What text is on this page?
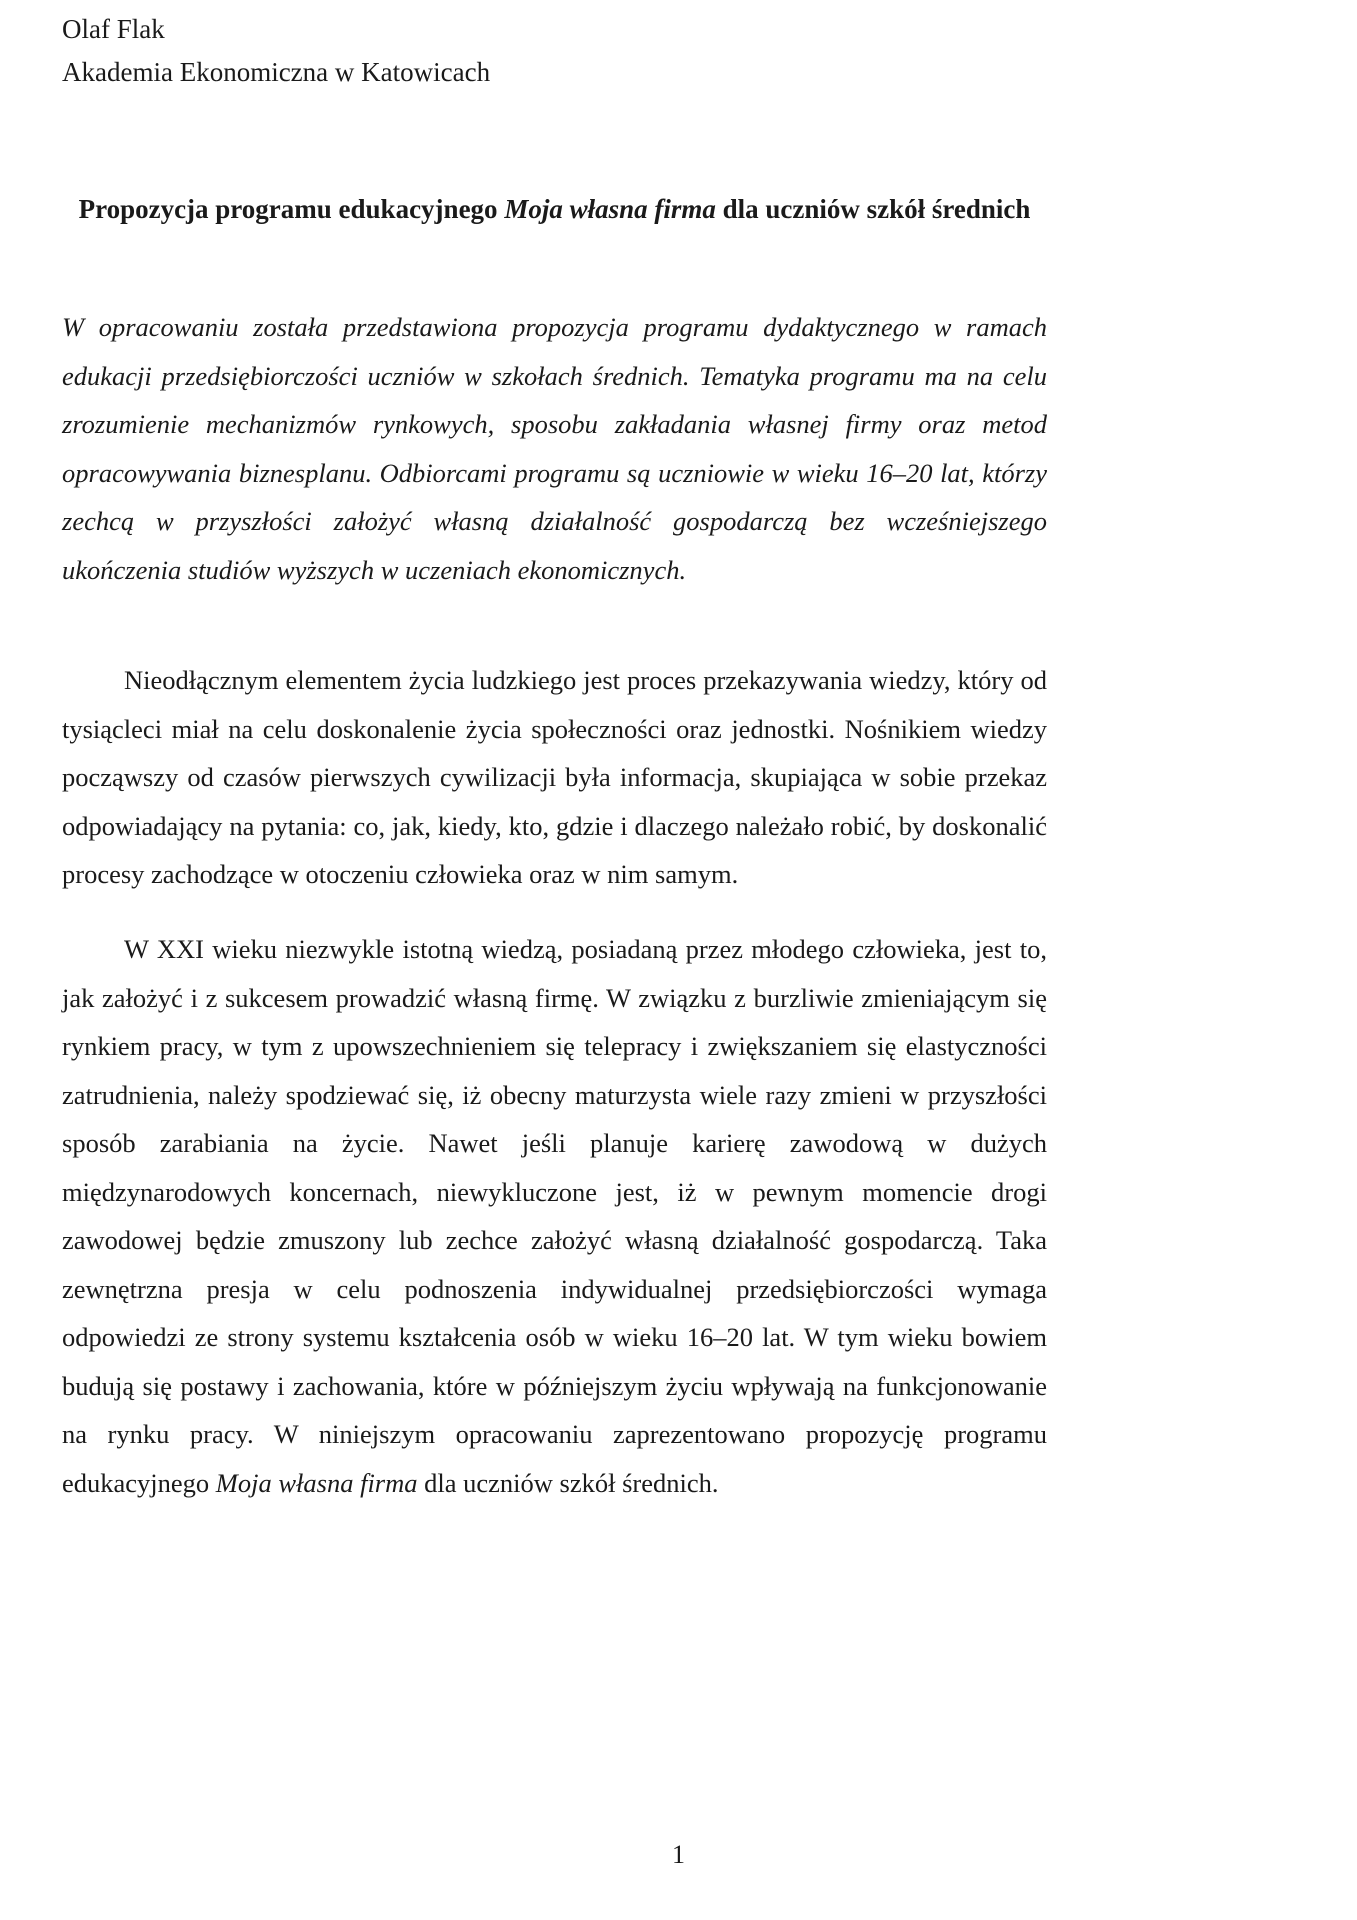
Olaf Flak
Akademia Ekonomiczna w Katowicach
Propozycja programu edukacyjnego Moja własna firma dla uczniów szkół średnich

W opracowaniu została przedstawiona propozycja programu dydaktycznego w ramach edukacji przedsiębiorczości uczniów w szkołach średnich. Tematyka programu ma na celu zrozumienie mechanizmów rynkowych, sposobu zakładania własnej firmy oraz metod opracowywania biznesplanu. Odbiorcami programu są uczniowie w wieku 16–20 lat, którzy zechcą w przyszłości założyć własną działalność gospodarczą bez wcześniejszego ukończenia studiów wyższych w uczeniach ekonomicznych.

Nieodłącznym elementem życia ludzkiego jest proces przekazywania wiedzy, który od tysiącleci miał na celu doskonalenie życia społeczności oraz jednostki. Nośnikiem wiedzy począwszy od czasów pierwszych cywilizacji była informacja, skupiająca w sobie przekaz odpowiadający na pytania: co, jak, kiedy, kto, gdzie i dlaczego należało robić, by doskonalić procesy zachodzące w otoczeniu człowieka oraz w nim samym.

W XXI wieku niezwykle istotną wiedzą, posiadaną przez młodego człowieka, jest to, jak założyć i z sukcesem prowadzić własną firmę. W związku z burzliwie zmieniającym się rynkiem pracy, w tym z upowszechnieniem się telepracy i zwiększaniem się elastyczności zatrudnienia, należy spodziewać się, iż obecny maturzysta wiele razy zmieni w przyszłości sposób zarabiania na życie. Nawet jeśli planuje karierę zawodową w dużych międzynarodowych koncernach, niewykluczone jest, iż w pewnym momencie drogi zawodowej będzie zmuszony lub zechce założyć własną działalność gospodarczą. Taka zewnętrzna presja w celu podnoszenia indywidualnej przedsiębiorczości wymaga odpowiedzi ze strony systemu kształcenia osób w wieku 16–20 lat. W tym wieku bowiem budują się postawy i zachowania, które w późniejszym życiu wpływają na funkcjonowanie na rynku pracy. W niniejszym opracowaniu zaprezentowano propozycję programu edukacyjnego Moja własna firma dla uczniów szkół średnich.

1
